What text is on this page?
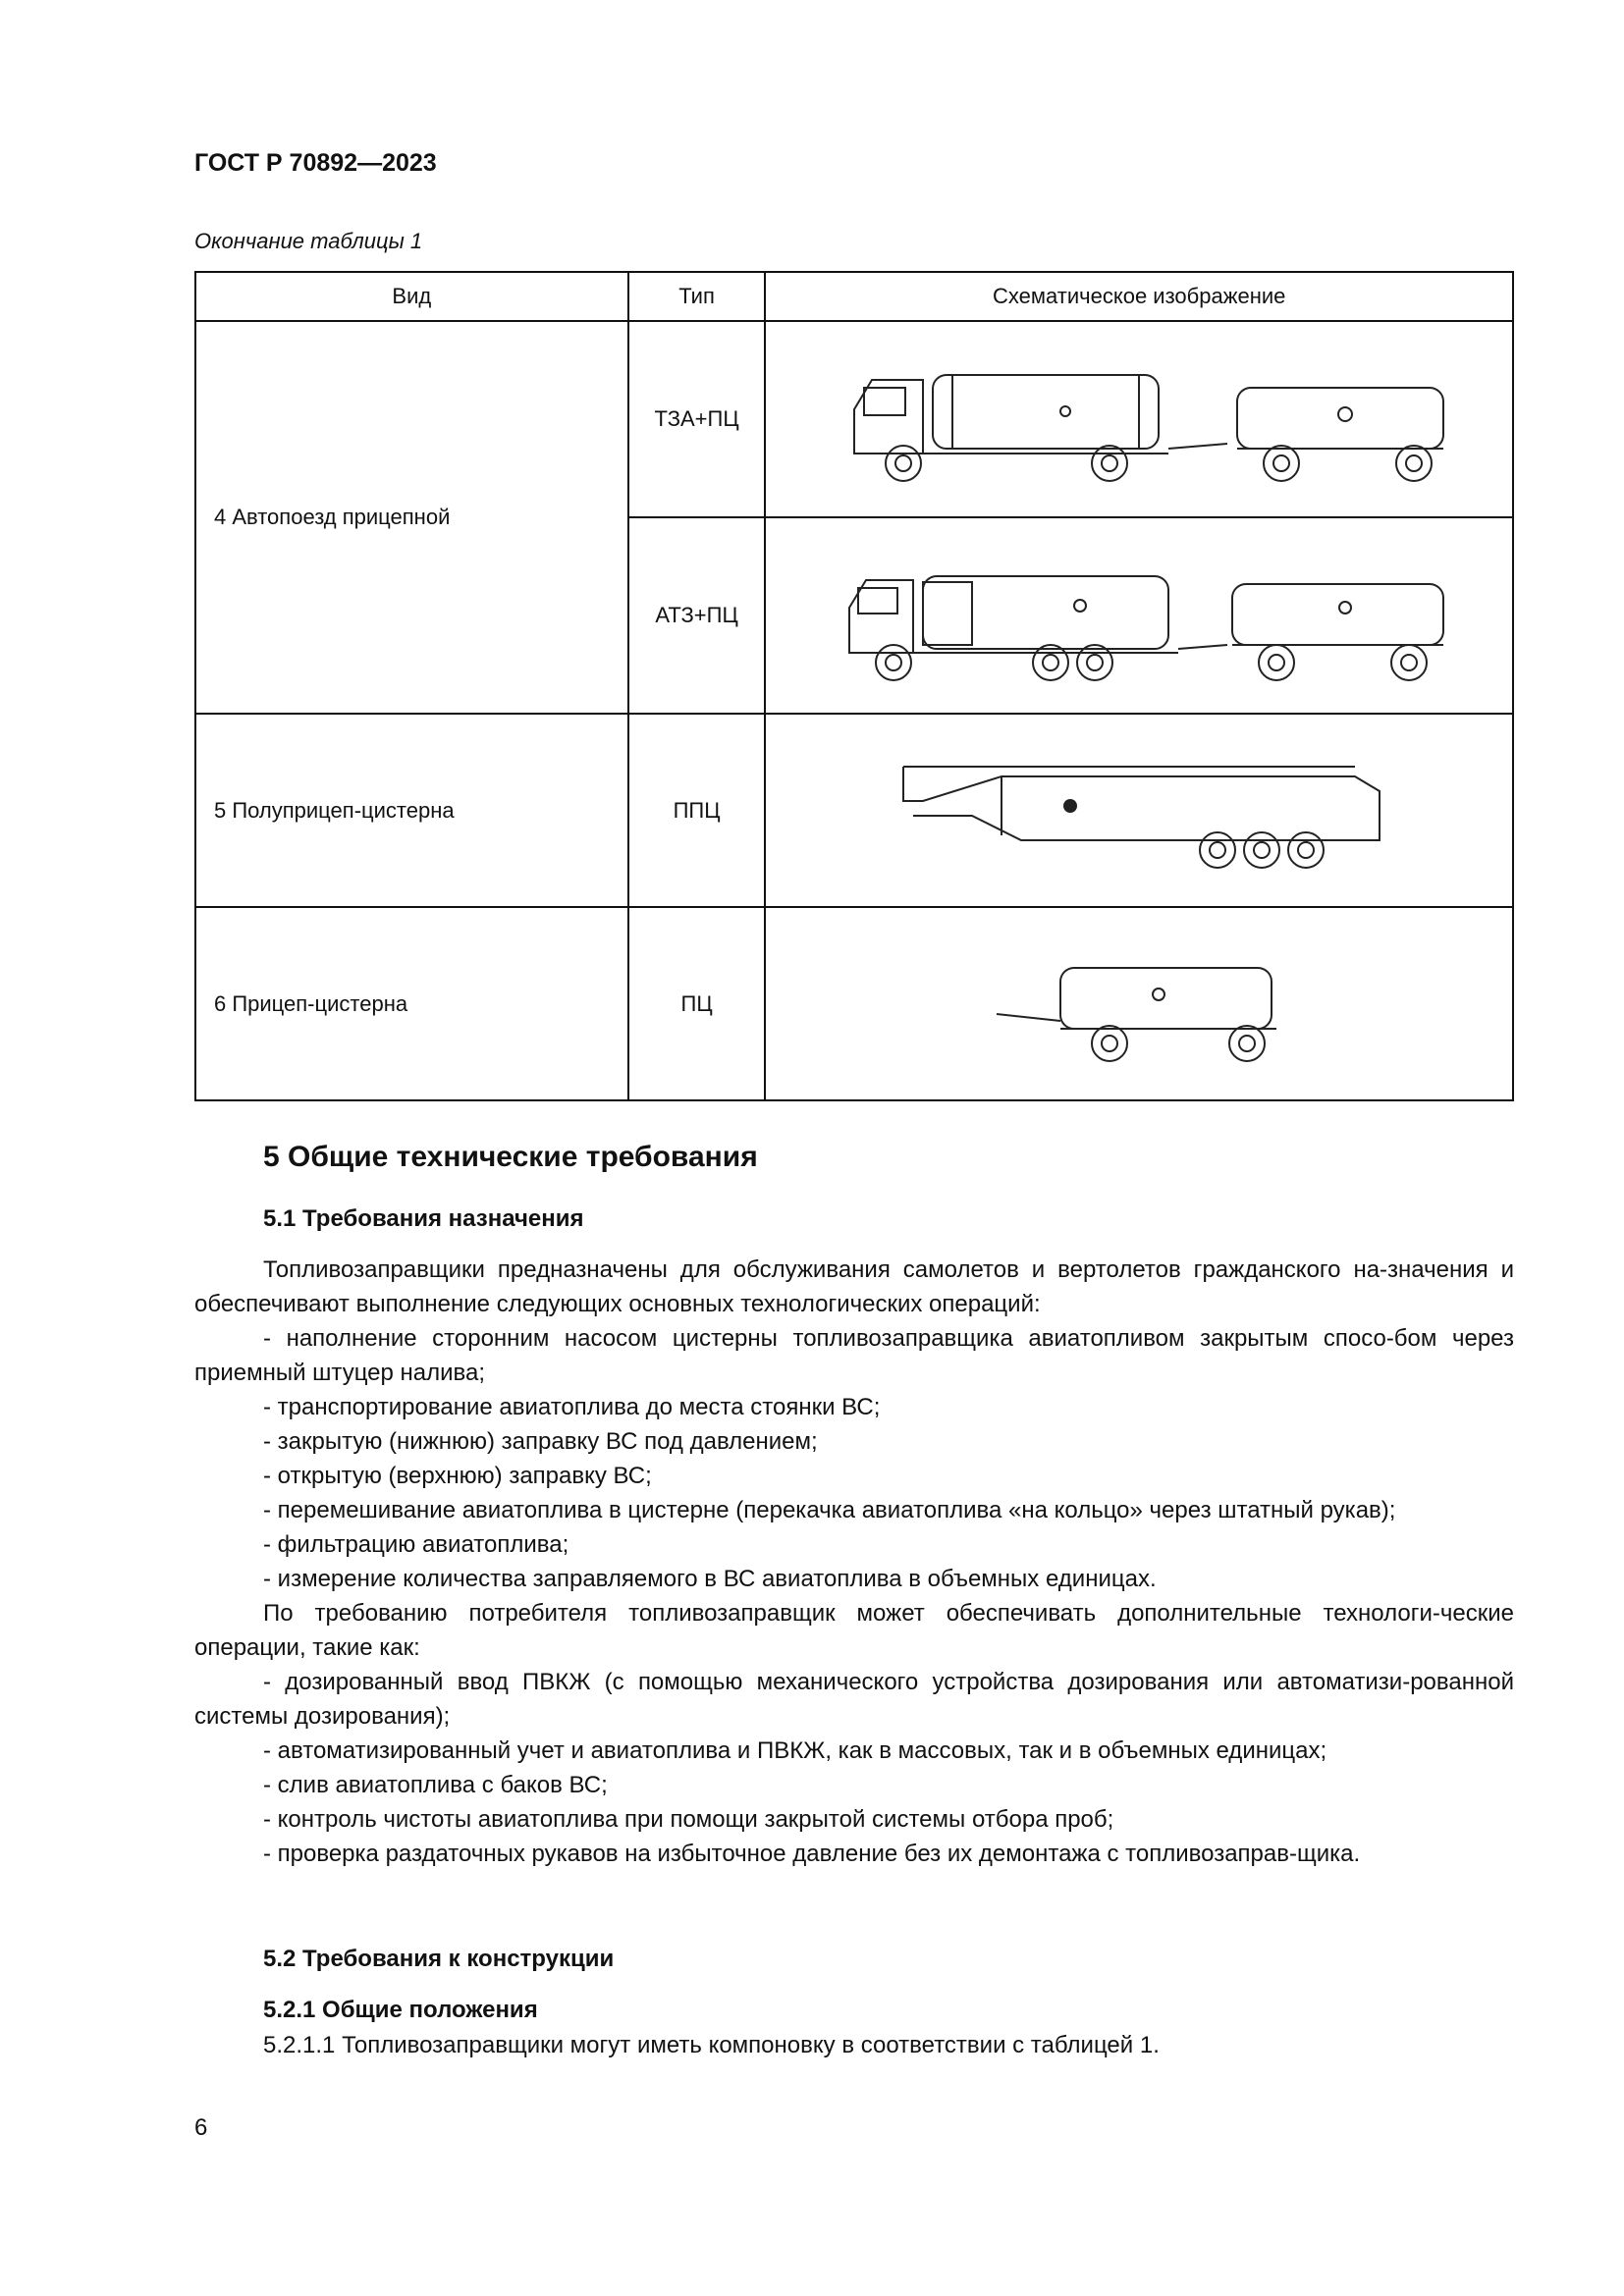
ГОСТ Р 70892—2023
Окончание таблицы 1
Вид	Тип	Схематическое изображение
4 Автопоезд прицепной	ТЗА+ПЦ	

	АТЗ+ПЦ	

5 Полуприцеп-цистерна	ППЦ	

6 Прицеп-цистерна	ПЦ	
5 Общие технические требования
5.1 Требования назначения

Топливозаправщики предназначены для обслуживания самолетов и вертолетов гражданского на-значения и обеспечивают выполнение следующих основных технологических операций:

- наполнение сторонним насосом цистерны топливозаправщика авиатопливом закрытым спосо-бом через приемный штуцер налива;

- транспортирование авиатоплива до места стоянки ВС;

- закрытую (нижнюю) заправку ВС под давлением;

- открытую (верхнюю) заправку ВС;

- перемешивание авиатоплива в цистерне (перекачка авиатоплива «на кольцо» через штатный рукав);

- фильтрацию авиатоплива;

- измерение количества заправляемого в ВС авиатоплива в объемных единицах.

По требованию потребителя топливозаправщик может обеспечивать дополнительные технологи-ческие операции, такие как:

- дозированный ввод ПВКЖ (с помощью механического устройства дозирования или автоматизи-рованной системы дозирования);

- автоматизированный учет и авиатоплива и ПВКЖ, как в массовых, так и в объемных единицах;

- слив авиатоплива с баков ВС;

- контроль чистоты авиатоплива при помощи закрытой системы отбора проб;

- проверка раздаточных рукавов на избыточное давление без их демонтажа с топливозаправ-щика.

5.2 Требования к конструкции
5.2.1 Общие положения
5.2.1.1 Топливозаправщики могут иметь компоновку в соответствии с таблицей 1.
6
